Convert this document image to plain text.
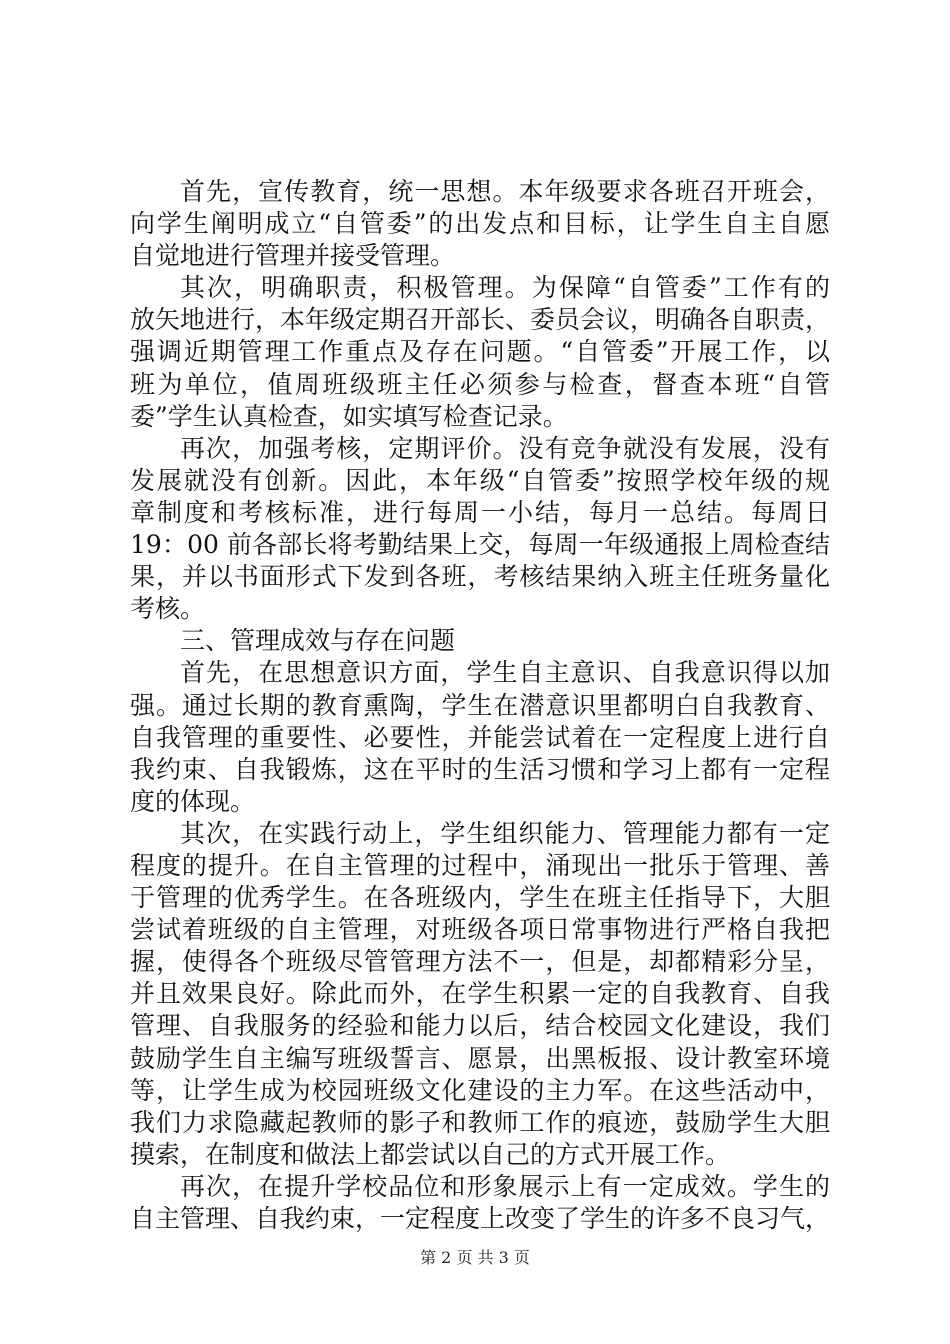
首先，宣传教育，统一思想。本年级要求各班召开班会，
向学生阐明成立“自管委”的出发点和目标，让学生自主自愿
自觉地进行管理并接受管理。
其次，明确职责，积极管理。为保障“自管委”工作有的
放矢地进行，本年级定期召开部长、委员会议，明确各自职责，
强调近期管理工作重点及存在问题。“自管委”开展工作，以
班为单位，值周班级班主任必须参与检查，督查本班“自管
委”学生认真检查，如实填写检查记录。
再次，加强考核，定期评价。没有竞争就没有发展，没有
发展就没有创新。因此，本年级“自管委”按照学校年级的规
章制度和考核标准，进行每周一小结，每月一总结。每周日
19：00 前各部长将考勤结果上交，每周一年级通报上周检查结
果，并以书面形式下发到各班，考核结果纳入班主任班务量化
考核。
三、管理成效与存在问题
首先，在思想意识方面，学生自主意识、自我意识得以加
强。通过长期的教育熏陶，学生在潜意识里都明白自我教育、
自我管理的重要性、必要性，并能尝试着在一定程度上进行自
我约束、自我锻炼，这在平时的生活习惯和学习上都有一定程
度的体现。
其次，在实践行动上，学生组织能力、管理能力都有一定
程度的提升。在自主管理的过程中，涌现出一批乐于管理、善
于管理的优秀学生。在各班级内，学生在班主任指导下，大胆
尝试着班级的自主管理，对班级各项日常事物进行严格自我把
握，使得各个班级尽管管理方法不一，但是，却都精彩分呈，
并且效果良好。除此而外，在学生积累一定的自我教育、自我
管理、自我服务的经验和能力以后，结合校园文化建设，我们
鼓励学生自主编写班级誓言、愿景，出黑板报、设计教室环境
等，让学生成为校园班级文化建设的主力军。在这些活动中，
我们力求隐藏起教师的影子和教师工作的痕迹，鼓励学生大胆
摸索，在制度和做法上都尝试以自己的方式开展工作。
再次，在提升学校品位和形象展示上有一定成效。学生的
自主管理、自我约束，一定程度上改变了学生的许多不良习气，
第 2 页 共 3 页
